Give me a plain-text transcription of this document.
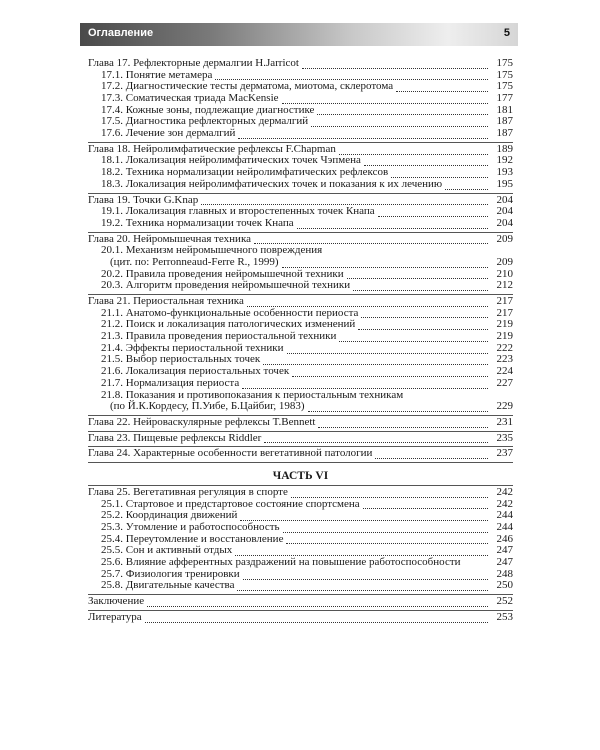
Оглавление	5
Глава 17. Рефлекторные дермалгии H.Jarricot	175
17.1. Понятие метамера	175
17.2. Диагностические тесты дерматома, миотома, склеротома	175
17.3. Соматическая триада MacKensie	177
17.4. Кожные зоны, подлежащие диагностике	181
17.5. Диагностика рефлекторных дермалгий	187
17.6. Лечение зон дермалгий	187
Глава 18. Нейролимфатические рефлексы F.Chapman	189
18.1. Локализация нейролимфатических точек Чэпмена	192
18.2. Техника нормализации нейролимфатических рефлексов	193
18.3. Локализация нейролимфатических точек и показания к их лечению	195
Глава 19. Точки G.Knap	204
19.1. Локализация главных и второстепенных точек Кнапа	204
19.2. Техника нормализации точек Кнапа	204
Глава 20. Нейромышечная техника	209
20.1. Механизм нейромышечного повреждения
(цит. по: Perronneaud-Ferre R., 1999)	209
20.2. Правила проведения нейромышечной техники	210
20.3. Алгоритм проведения нейромышечной техники	212
Глава 21. Периостальная техника	217
21.1. Анатомо-функциональные особенности периоста	217
21.2. Поиск и локализация патологических изменений	219
21.3. Правила проведения периостальной техники	219
21.4. Эффекты периостальной техники	222
21.5. Выбор периостальных точек	223
21.6. Локализация периостальных точек	224
21.7. Нормализация периоста	227
21.8. Показания и противопоказания к периостальным техникам
(по Й.К.Кордесу, П.Уибе, Б.Цайбиг, 1983)	229
Глава 22. Нейроваскулярные рефлексы T.Bennett	231
Глава 23. Пищевые рефлексы Riddler	235
Глава 24. Характерные особенности вегетативной патологии	237
ЧАСТЬ VI
Глава 25. Вегетативная регуляция в спорте	242
25.1. Стартовое и предстартовое состояние спортсмена	242
25.2. Координация движений	244
25.3. Утомление и работоспособность	244
25.4. Переутомление и восстановление	246
25.5. Сон и активный отдых	247
25.6. Влияние афферентных раздражений на повышение работоспособности	247
25.7. Физиология тренировки	248
25.8. Двигательные качества	250
Заключение	252
Литература	253
